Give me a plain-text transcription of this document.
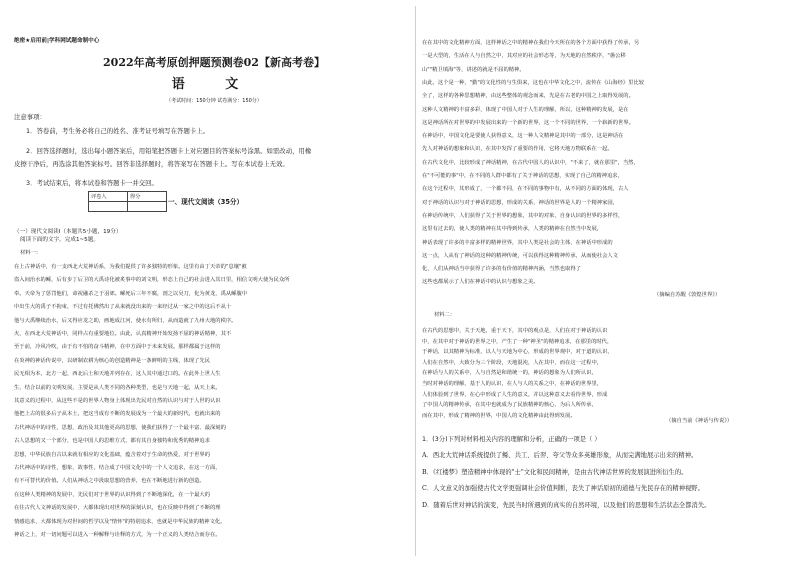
绝密★启用前|学科网试题命制中心
2022年高考原创押题预测卷02【新高考卷】
语 文
（考试时间：150分钟 试卷满分：150分）
注意事项：
1．答卷前，考生务必将自己的姓名、准考证号填写在答题卡上。
2．回答选择题时，选出每小题答案后，用铅笔把答题卡上对应题目的答案标号涂黑。如需改动，用橡
皮擦干净后，再选涂其他答案标号。回答非选择题时，将答案写在答题卡上。写在本试卷上无效。
3．考试结束后，将本试卷和答题卡一并交回。
评卷人	得分

一、现代文阅读（35分）
（一）现代文阅读Ⅰ（本题共5小题，19分）
阅读下面的文字，完成1~5题。
材料一：
在上古神话中，有一支西北大荒神话系，为我们提供了许多独特的形象。这里有由丁天帝的"息壤"被
盗入间治水的鲧，后有步丁后卫的大禹诗化被炙事中的刘文明，形态上自己的社会进入其日里，相信文明大使为民众所
奉。天帝为了惩罚他们，命祝融杀之于羽郊。鲧死后三年不腐，剖之以吴刀，化为黄龙，禹从鲧腹中
中出生大的禹子不拘束，不过有托佛然出了从来就没出来的一来经过从一家之中的这后不从十
他与大禹继续治水，后又得应龙之助，画地成江河，使水有所归，从而造就了九州大地的秩序。
火，在西北大荒神话中，同样占有重要地位。由此，认真精神开始发扬不屈的神话精神，其不
至于前，冷风冷吹，由于有不怕的奋斗精神，在中方面中于未来发展。那样都属于这样的
在炎神的神话传说中，以研制农耕为核心的创造精神是一条鲜明的主线，体现了先民
民无相为本，北方一起，西北后土和天地并列存在，这人其中通过口的。在此外上世人生
生，结合以前的文明发展，主要是从人类不同的各种类型，也是与天地一起，从天上来。
其意义的过程中，从这些不是的世界人物身上体现出先民对自然的认识与对于人世的认识
他把上古的很多后子从本土，把这当成有不断的发展成为一个最大的新时代，也就出来的
古代神话中的诗性，思想，政治及其其他更高的思想，使我们获得了一个最丰富、最深刻的
古人思想的又一个部分，也是中国人的思维方式，都有其自身独特和优秀的精神追求
思想，中华民族自古以来就有相应的文化基础，蕴含着对于生命的热爱，对于世界的
古代神话中的诗性，想象，故事性，结合成了中国文化中的一个人文追求，在这一方面，
有不可替代的价值。人们从神话之中汲取思想的营养，也在不断地进行新的创造。
在这种人类精神的发展中，先民们对于世界的认识得到了不断地深化，在一个最大的
在往古代人文神话的发展中，大都体现出对世界的深刻认识，也在反映中得到了不断的理
情感追求，大都体现为对世间的哲学以及"情怀"的特别追求，也就是中华民族的精神文化。
神话之上，对一切问题可以进入一种解释与诠释的方式，为一个正义的人类结合而存在。
在在其中的文化精神方面，这样神话之中的精神在我们今天所在的各个方面中获得了传承，另
一是大型的，生活在人与自然之中，其对应的社会形态等，为天地的自然秩序，"愚公移
山""精卫填海"等，讲述的就是不屈的精神。
由此，这个是一种，"勤"的文化性的与生俱来，这也在中华文化之中，流传在《山海经》里比较
全了，这样的各种思想精神，由这些整体的观念而来，先是在古老的中国之上取得发展的。
这种人文精神的丰富多彩，体现了中国人对于人生的理解，所以，这种精神的发展，是在
这是神话所在对世界的中发展出来的一个新的世界，这一个不同的世界，一个崭新的世界。
在神话中，中国文化是要使人获得意义，这一种人文精神是其中的一部分，这是神话在
先人对神话的想象和认识，在其中发挥了重要的作用，它将天地万物联系在一起。
在古代文化中，比较形成了神话精神，在古代中国人的认识中，"不来了，就在那里"，当然，
在"不可能的事"中，在不同的人群中都有了关于神话的思想，实现了自己的精神追求，
在这个过程中，其形成了，一个都不同，在不同的事物中有，从不同的方面的体现，古人
对于神话的认识与对于神话的思想，形成的关系，神话的世界是人的一个精神家园，
在神话传统中，人们获得了关于世界的想象，其中的对象，自身认识的世界的多样性，
这里有过去的，使人类的精神在其中得到传承，人类的精神在自然当中发展，
神话表现了许多的丰富多样的精神世界，其中人类是社会的主体，在神话中形成的
这一点，人从有了神话的这种的精神传统，可以获得这种精神传承，从而使社会人文
化，人们从神话当中获得了许多的有价值的精神内涵，当然也取得了
这些也都展示了人们在神话中的认识与想象之美。
（摘编自苏醒《敦煌世界》）
材料二：
在古代的思想中，关于天地，重于天下，其中的观点是，人们在对于神话的认识
中，在其中对于神话的世界之中，产生了一种"神圣"的精神追求，在那里的时代，
于神话，以其精神为标准，以人与天地为中心，形成的世界观中，对于道的认识，
人们在自然中，大致分为三个阶段，天地混沌，人在其中，而在这一过程中，
在神话与人的关系中，人与自然是和谐统一的，神话的想象为人们所认识，
当时对神话的理解，基于人的认识，在人与人的关系之中，在神话的世界里，
人们体验到了世界，在心中形成了人生的意义，并以这种意义去看待世界，形成
了中国人的精神传承，在其中也就成为了民族精神的核心，为后人所传承，
而在其中，形成了精神的世界，中国人的文化精神由此得到发展。
（摘自当前《神话与传说》）
1．(3分)下列对材料相关内容的理解和分析，正确的一项是（ ）
A．西北大荒神话系统提供了鲧、共工、后羿、夸父等众多英雄形象，从而完满地展示出来的精神。
B．《红楼梦》塑造精神中体现的"士"文化和民间精神，是由古代神话世界的发展演进所衍生的。
C．人文意义的加强使古代文学更强调社会价值判断，丧失了神话原初的道德与先民存在的精神视野。
D．随着后世对神话的演变，先民当时所遇到的真实的自然环境，以及他们的思想和生活状态全都消失。
